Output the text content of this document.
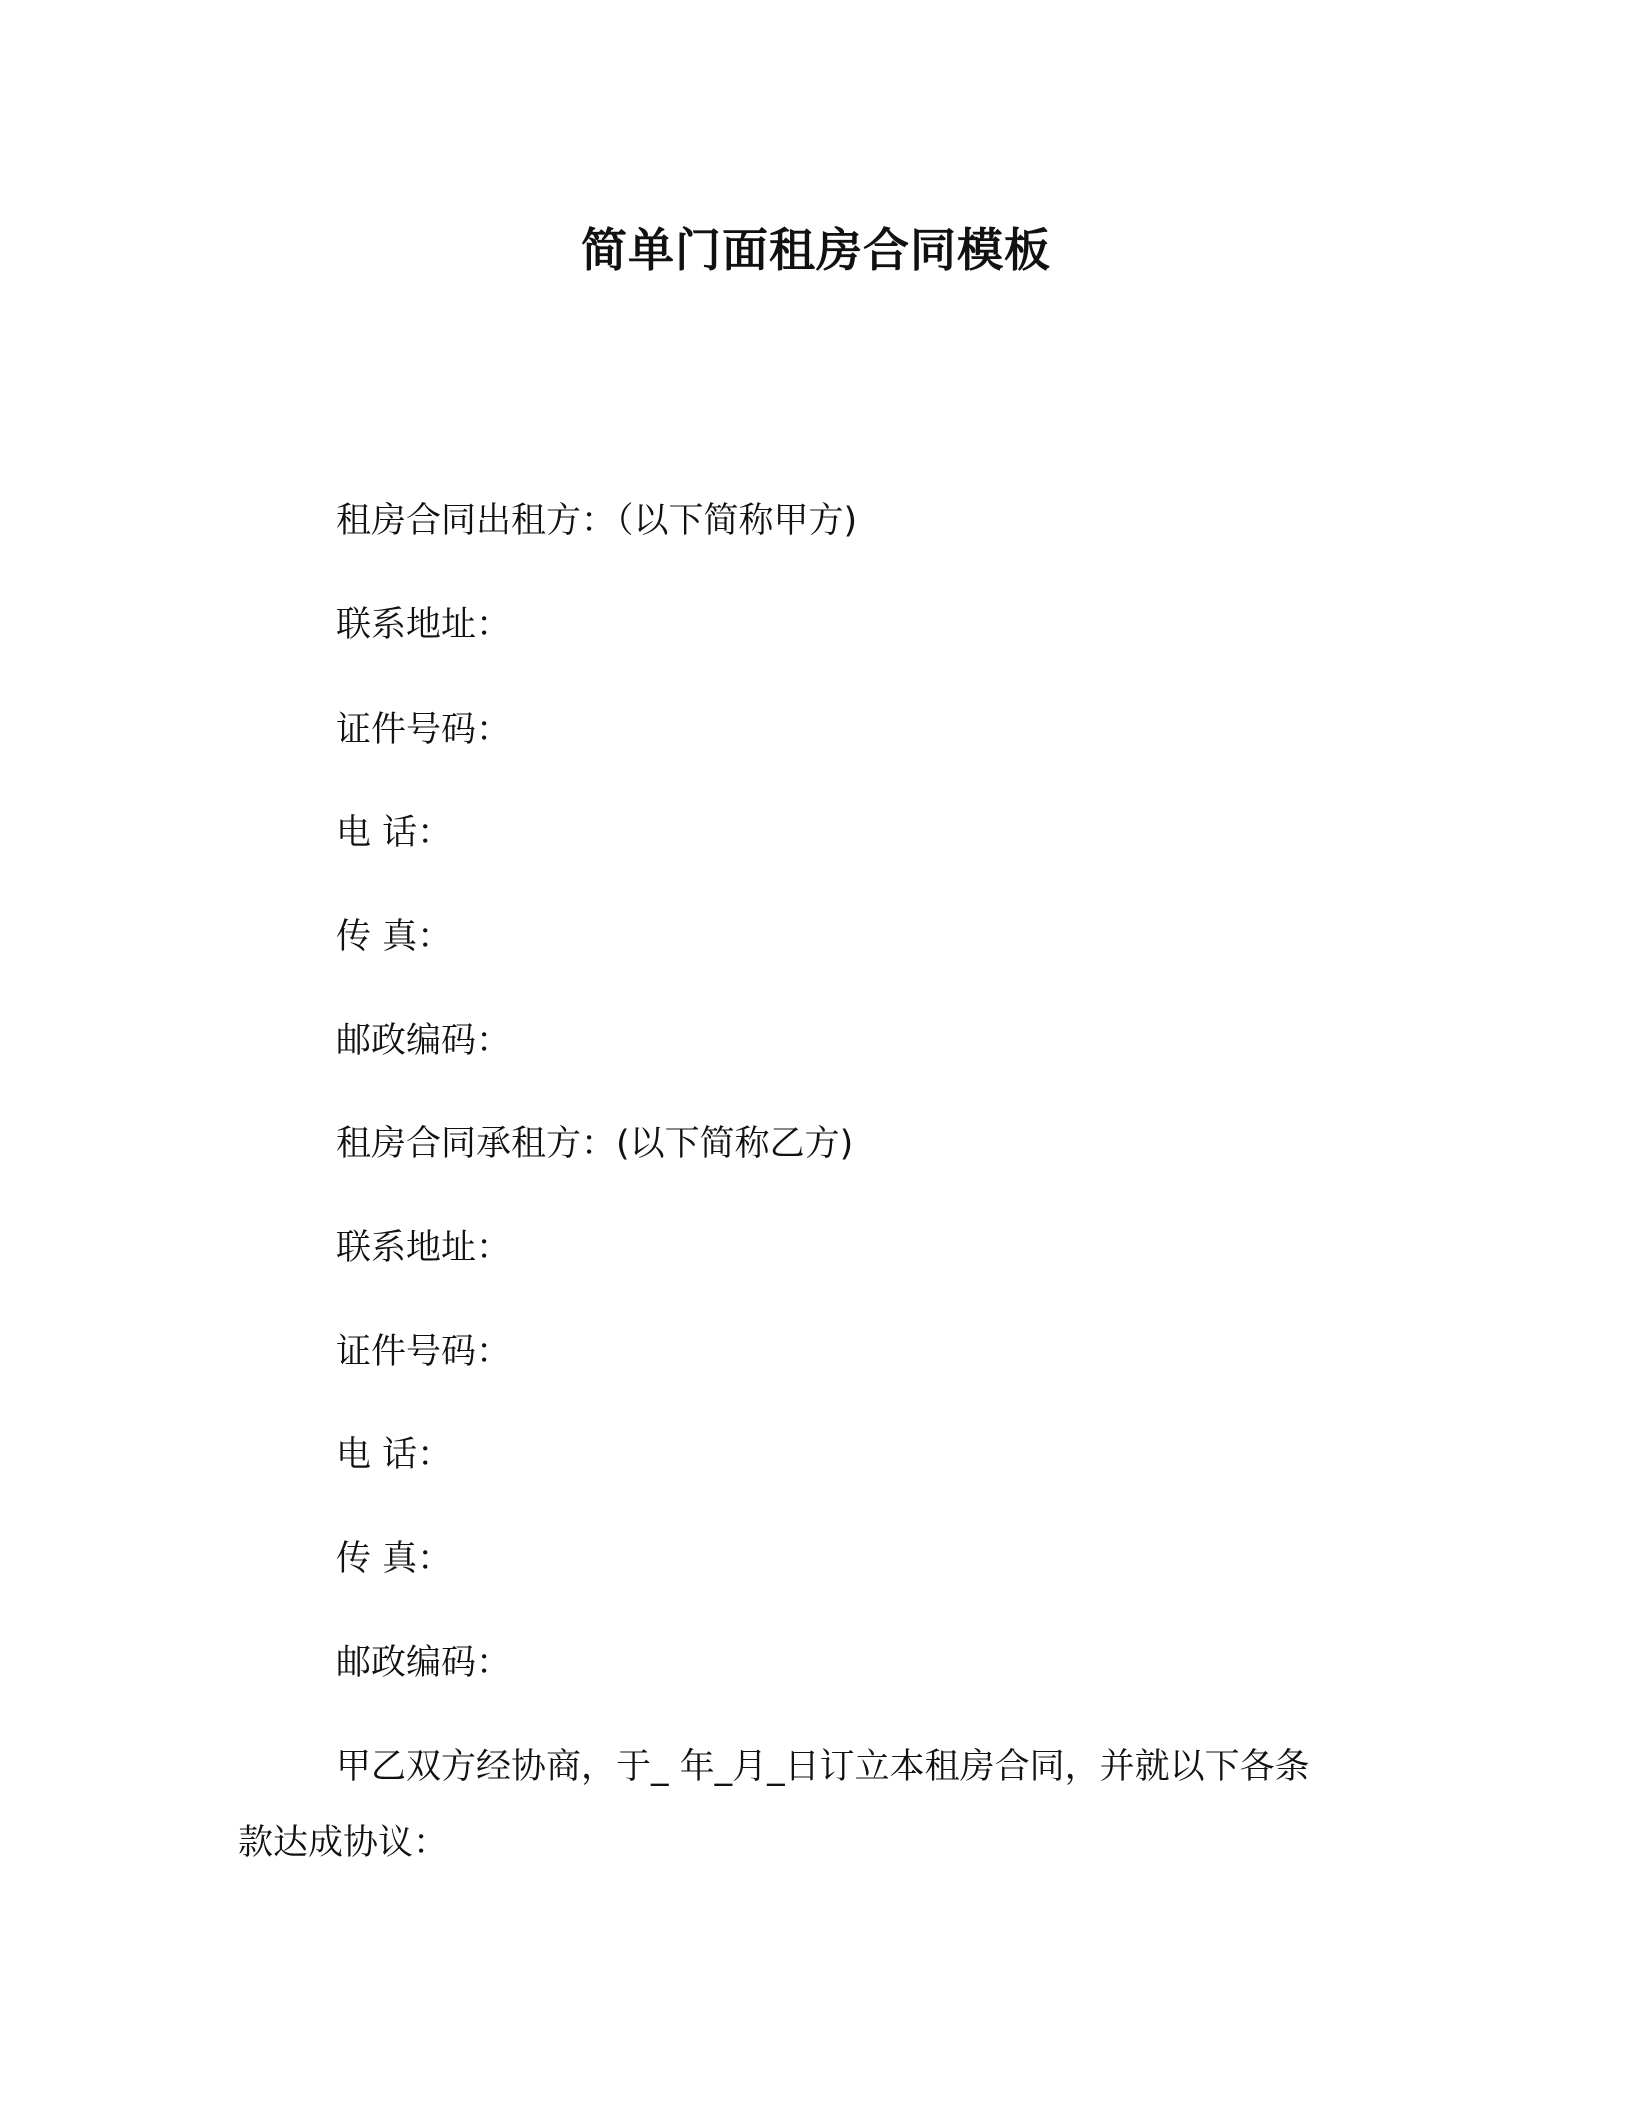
简单门面租房合同模板
租房合同出租方：（以下简称甲方)
联系地址：
证件号码：
电 话：
传 真：
邮政编码：
租房合同承租方：(以下简称乙方)
联系地址：
证件号码：
电 话：
传 真：
邮政编码：
甲乙双方经协商，于_ 年_月_日订立本租房合同，并就以下各条
款达成协议：
